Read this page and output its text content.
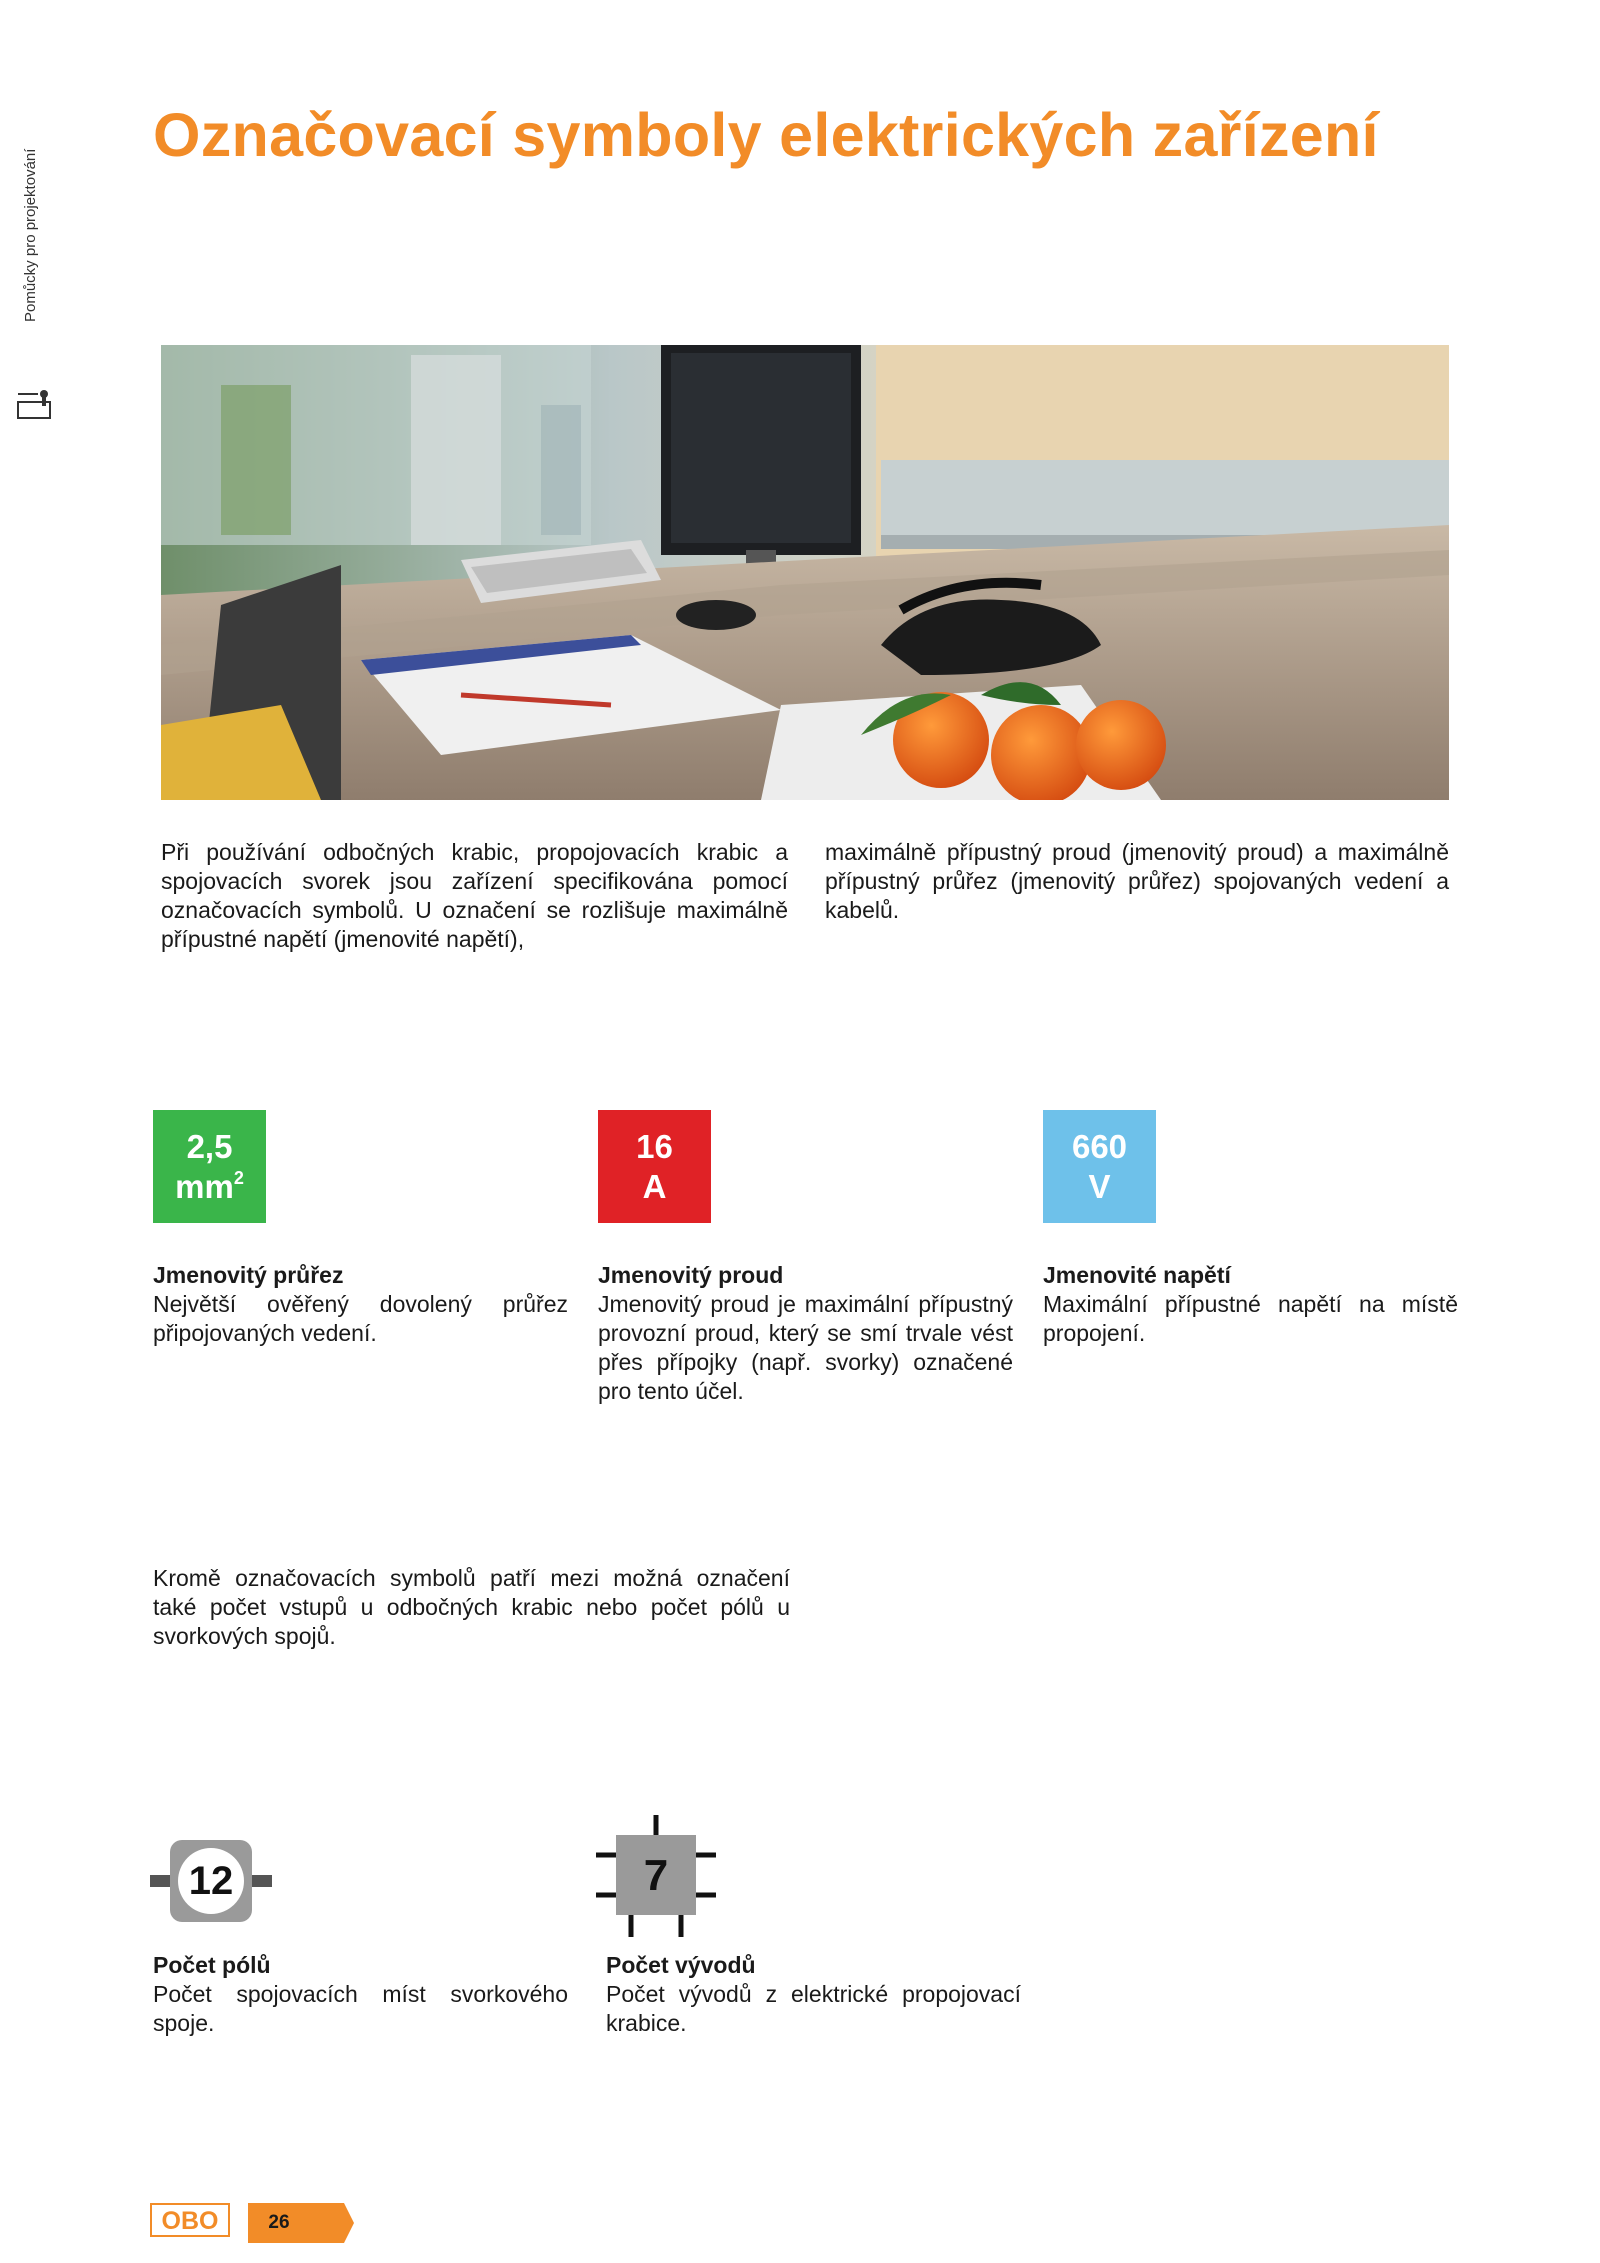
Pomůcky pro projektování
Označovací symboly elektrických zařízení

Při používání odbočných krabic, propojovacích krabic a spojovacích svorek jsou zařízení specifikována pomocí označovacích symbolů. U označení se rozlišuje maximálně přípustné napětí (jmenovité napětí),

maximálně přípustný proud (jmenovitý proud) a maximálně přípustný průřez (jmenovitý průřez) spojovaných vedení a kabelů.

2,5
$mm^2$
16
A
660
V
Jmenovitý průřez

Největší ověřený dovolený průřez připojovaných vedení.

Jmenovitý proud

Jmenovitý proud je maximální přípustný provozní proud, který se smí trvale vést přes přípojky (např. svorky) označené pro tento účel.

Jmenovité napětí

Maximální přípustné napětí na místě propojení.

Kromě označovacích symbolů patří mezi možná označení také počet vstupů u odbočných krabic nebo počet pólů u svorkových spojů.

12	7
Počet pólů

Počet spojovacích míst svorkového spoje.

Počet vývodů

Počet vývodů z elektrické propojovací krabice.

OBO	26
